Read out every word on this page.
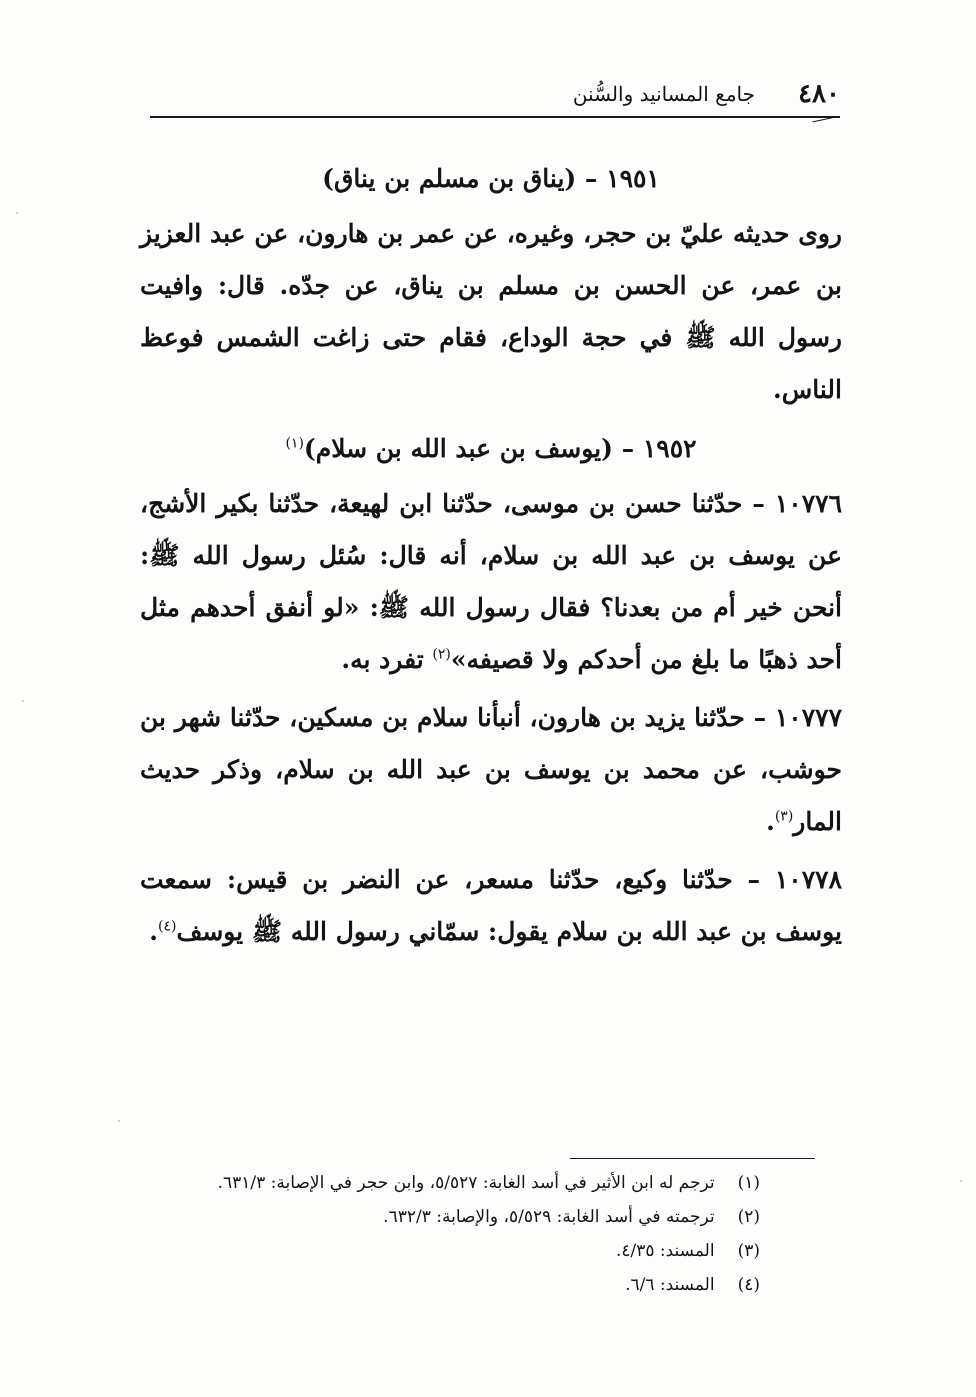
٤٨٠
جامع المسانيد والسُّنن
١٩٥١ – (يناق بن مسلم بن يناق)

روى حديثه عليّ بن حجر، وغيره، عن عمر بن هارون، عن عبد العزيز بن عمر، عن الحسن بن مسلم بن يناق، عن جدّه. قال: وافيت رسول الله ﷺ في حجة الوداع، فقام حتى زاغت الشمس فوعظ الناس.

١٩٥٢ – (يوسف بن عبد الله بن سلام)$^{(١)}$

١٠٧٧٦ – حدّثنا حسن بن موسى، حدّثنا ابن لهيعة، حدّثنا بكير الأشج، عن يوسف بن عبد الله بن سلام، أنه قال: سُئل رسول الله ﷺ: أنحن خير أم من بعدنا؟ فقال رسول الله ﷺ: «لو أنفق أحدهم مثل أحد ذهبًا ما بلغ من أحدكم ولا قصيفه»$^{(٢)}$ تفرد به.

١٠٧٧٧ – حدّثنا يزيد بن هارون، أنبأنا سلام بن مسكين، حدّثنا شهر بن حوشب، عن محمد بن يوسف بن عبد الله بن سلام، وذكر حديث المار$^{(٣)}$.

١٠٧٧٨ – حدّثنا وكيع، حدّثنا مسعر، عن النضر بن قيس: سمعت يوسف بن عبد الله بن سلام يقول: سمّاني رسول الله ﷺ يوسف$^{(٤)}$.

(١) ترجم له ابن الأثير في أسد الغابة: ٥/٥٢٧، وابن حجر في الإصابة: ٦٣١/٣.

(٢) ترجمته في أسد الغابة: ٥/٥٢٩، والإصابة: ٦٣٢/٣.

(٣) المسند: ٤/٣٥.

(٤) المسند: ٦/٦.
